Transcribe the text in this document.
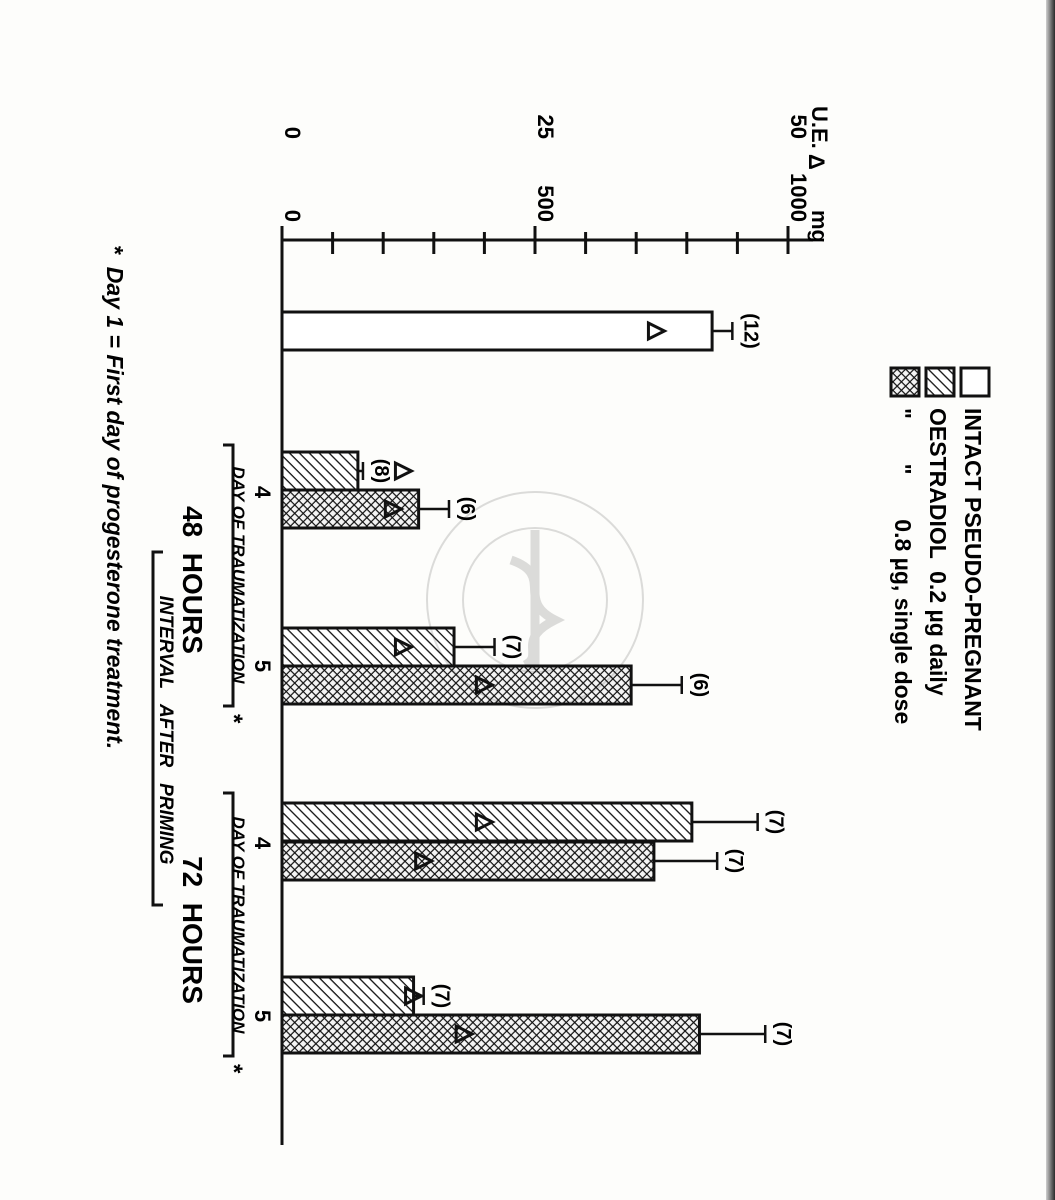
INTACT PSEUDO-PREGNANT
OESTRADIOL  0.2 µg daily
"       "       0.8 µg, single dose
U.E.
Δ
mg
0	25	50
0	500	1000
(12)
(8)
(6)
(7)
(6)
(7)
(7)
(7)
(7)
4
5
DAY OF TRAUMATIZATION
*
48  HOURS
4
5
DAY OF TRAUMATIZATION
*
72  HOURS
INTERVAL   AFTER   PRIMING
*  Day 1 = First day of progesterone treatment.
